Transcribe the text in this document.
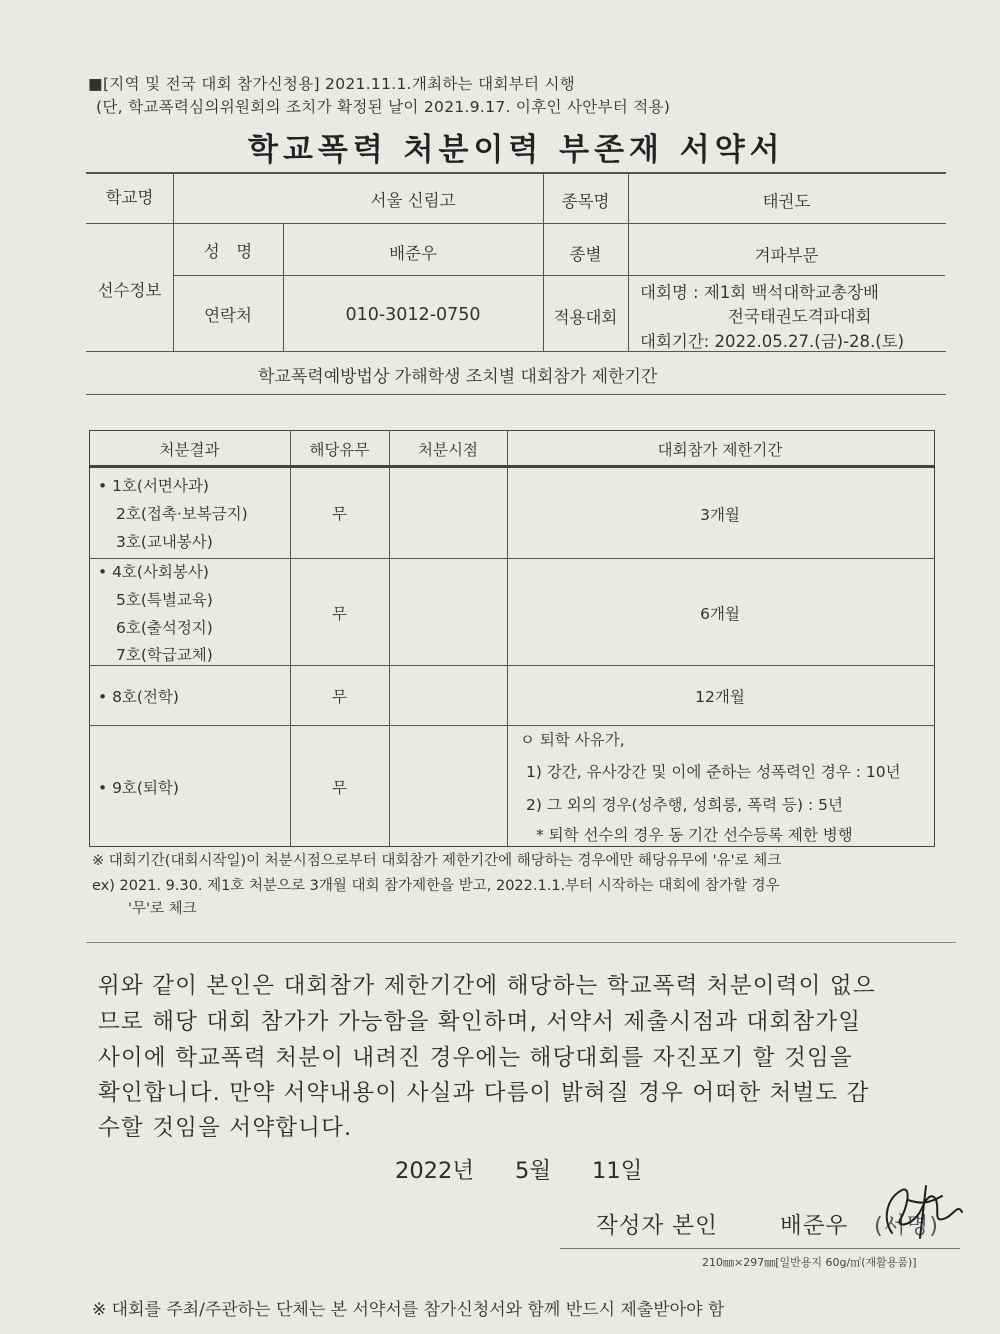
■[지역 및 전국 대회 참가신청용] 2021.11.1.개최하는 대회부터 시행
(단, 학교폭력심의위원회의 조치가 확정된 날이 2021.9.17. 이후인 사안부터 적용)
학교폭력 처분이력 부존재 서약서
학교명	서울 신림고	종목명	태권도
선수정보
성　명	배준우	종별	겨파부문
연락처	010-3012-0750	적용대회
대회명 : 제1회 백석대학교총장배
전국태권도격파대회
대회기간: 2022.05.27.(금)-28.(토)
학교폭력예방법상 가해학생 조치별 대회참가 제한기간
처분결과	해당유무	처분시점	대회참가 제한기간
• 1호(서면사과)
2호(접촉·보복금지)
3호(교내봉사)
무	3개월
• 4호(사회봉사)
5호(특별교육)
6호(출석정지)
7호(학급교체)
무	6개월
• 8호(전학)	무	12개월
• 9호(퇴학)	무
ㅇ 퇴학 사유가,
1) 강간, 유사강간 및 이에 준하는 성폭력인 경우 : 10년
2) 그 외의 경우(성추행, 성희롱, 폭력 등) : 5년
* 퇴학 선수의 경우 동 기간 선수등록 제한 병행
※ 대회기간(대회시작일)이 처분시점으로부터 대회참가 제한기간에 해당하는 경우에만 해당유무에 '유'로 체크
ex) 2021. 9.30. 제1호 처분으로 3개월 대회 참가제한을 받고, 2022.1.1.부터 시작하는 대회에 참가할 경우
'무'로 체크
위와 같이 본인은 대회참가 제한기간에 해당하는 학교폭력 처분이력이 없으
므로 해당 대회 참가가 가능함을 확인하며, 서약서 제출시점과 대회참가일
사이에 학교폭력 처분이 내려진 경우에는 해당대회를 자진포기 할 것임을
확인합니다. 만약 서약내용이 사실과 다름이 밝혀질 경우 어떠한 처벌도 감
수할 것임을 서약합니다.
2022년 5월 11일
작성자 본인	배준우 (서명)
210㎜×297㎜[일반용지 60g/㎡(재활용품)]
※ 대회를 주최/주관하는 단체는 본 서약서를 참가신청서와 함께 반드시 제출받아야 함
